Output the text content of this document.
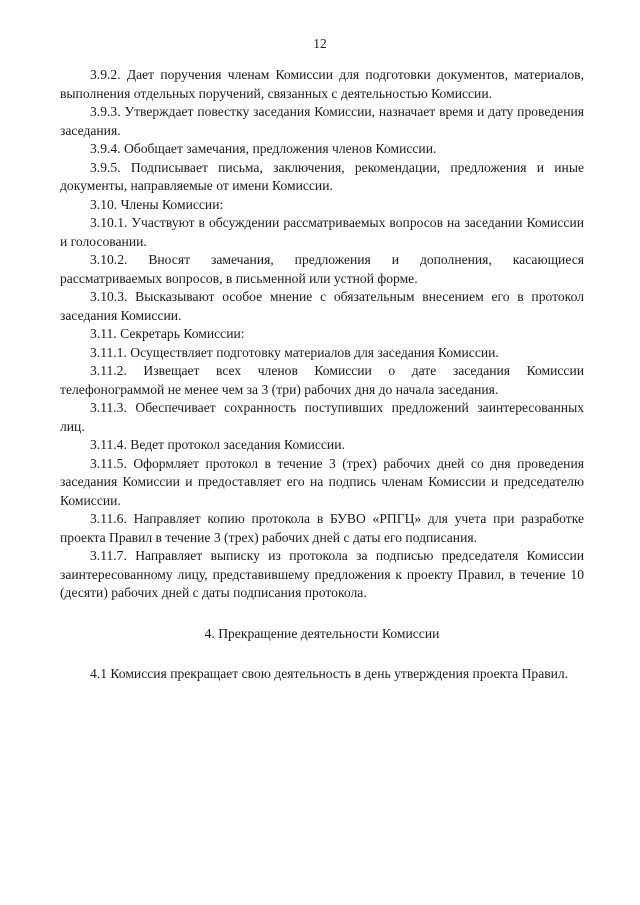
12

3.9.2. Дает поручения членам Комиссии для подготовки документов, материалов, выполнения отдельных поручений, связанных с деятельностью Комиссии.

3.9.3. Утверждает повестку заседания Комиссии, назначает время и дату проведения заседания.

3.9.4. Обобщает замечания, предложения членов Комиссии.

3.9.5. Подписывает письма, заключения, рекомендации, предложения и иные документы, направляемые от имени Комиссии.

3.10. Члены Комиссии:

3.10.1. Участвуют в обсуждении рассматриваемых вопросов на заседании Комиссии и голосовании.

3.10.2. Вносят замечания, предложения и дополнения, касающиеся рассматриваемых вопросов, в письменной или устной форме.

3.10.3. Высказывают особое мнение с обязательным внесением его в протокол заседания Комиссии.

3.11. Секретарь Комиссии:

3.11.1. Осуществляет подготовку материалов для заседания Комиссии.

3.11.2. Извещает всех членов Комиссии о дате заседания Комиссии телефонограммой не менее чем за 3 (три) рабочих дня до начала заседания.

3.11.3. Обеспечивает сохранность поступивших предложений заинтересованных лиц.

3.11.4. Ведет протокол заседания Комиссии.

3.11.5. Оформляет протокол в течение 3 (трех) рабочих дней со дня проведения заседания Комиссии и предоставляет его на подпись членам Комиссии и председателю Комиссии.

3.11.6. Направляет копию протокола в БУВО «РПГЦ» для учета при разработке проекта Правил в течение 3 (трех) рабочих дней с даты его подписания.

3.11.7. Направляет выписку из протокола за подписью председателя Комиссии заинтересованному лицу, представившему предложения к проекту Правил, в течение 10 (десяти) рабочих дней с даты подписания протокола.

4. Прекращение деятельности Комиссии

4.1 Комиссия прекращает свою деятельность в день утверждения проекта Правил.
